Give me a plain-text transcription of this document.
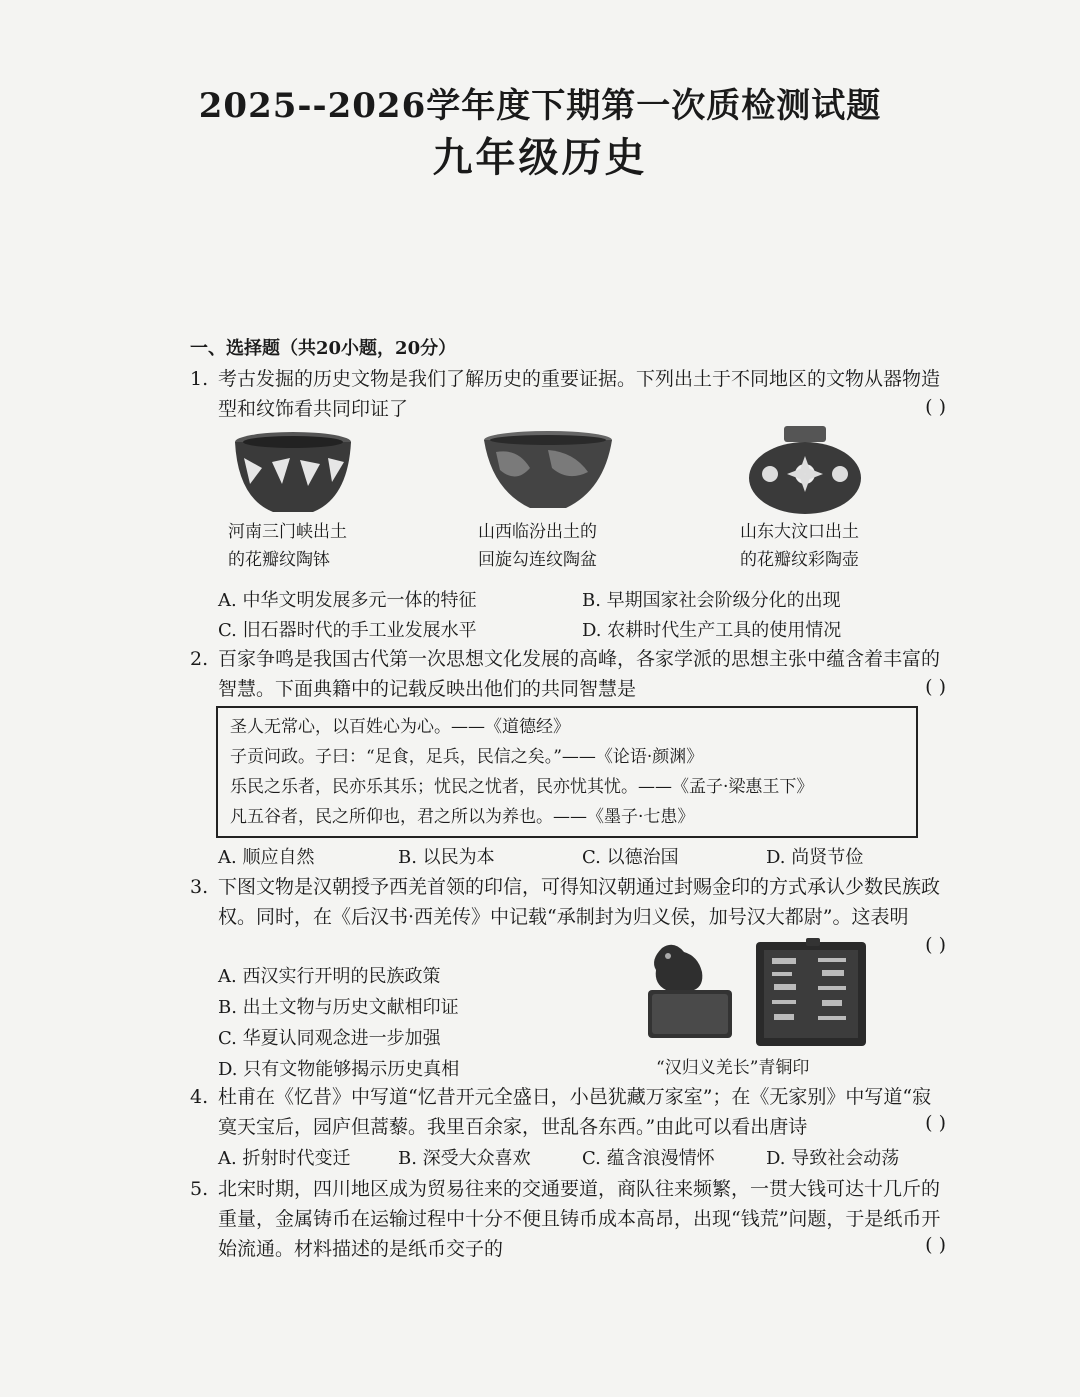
2025--2026学年度下期第一次质检测试题
九年级历史
一、选择题（共20小题，20分）
1. 考古发掘的历史文物是我们了解历史的重要证据。下列出土于不同地区的文物从器物造型和纹饰看共同印证了	( )
河南三门峡出土
的花瓣纹陶钵
山西临汾出土的
回旋勾连纹陶盆
山东大汶口出土
的花瓣纹彩陶壶
A. 中华文明发展多元一体的特征	B. 早期国家社会阶级分化的出现
C. 旧石器时代的手工业发展水平	D. 农耕时代生产工具的使用情况
2. 百家争鸣是我国古代第一次思想文化发展的高峰，各家学派的思想主张中蕴含着丰富的智慧。下面典籍中的记载反映出他们的共同智慧是	( )
圣人无常心，以百姓心为心。——《道德经》
子贡问政。子曰：“足食，足兵，民信之矣。”——《论语·颜渊》
乐民之乐者，民亦乐其乐；忧民之忧者，民亦忧其忧。——《孟子·梁惠王下》
凡五谷者，民之所仰也，君之所以为养也。——《墨子·七患》
A. 顺应自然	B. 以民为本	C. 以德治国	D. 尚贤节俭
3. 下图文物是汉朝授予西羌首领的印信，可得知汉朝通过封赐金印的方式承认少数民族政权。同时，在《后汉书·西羌传》中记载“承制封为归义侯，加号汉大都尉”。这表明
( )
A. 西汉实行开明的民族政策
B. 出土文物与历史文献相印证
C. 华夏认同观念进一步加强
D. 只有文物能够揭示历史真相	“汉归义羌长”青铜印
4. 杜甫在《忆昔》中写道“忆昔开元全盛日，小邑犹藏万家室”；在《无家别》中写道“寂寞天宝后，园庐但蒿藜。我里百余家，世乱各东西。”由此可以看出唐诗	( )
A. 折射时代变迁	B. 深受大众喜欢	C. 蕴含浪漫情怀	D. 导致社会动荡
5. 北宋时期，四川地区成为贸易往来的交通要道，商队往来频繁，一贯大钱可达十几斤的重量，金属铸币在运输过程中十分不便且铸币成本高昂，出现“钱荒”问题，于是纸币开始流通。材料描述的是纸币交子的	( )
